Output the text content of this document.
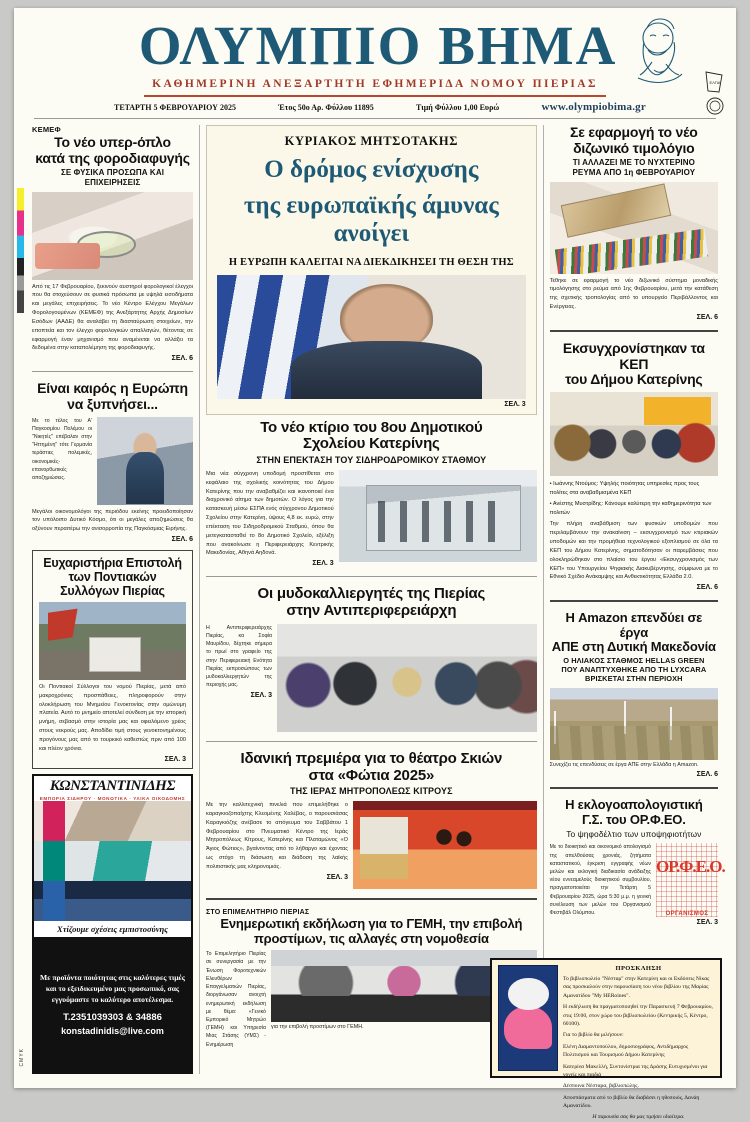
CMYK
ΕΛΠΑ
ΟΛΥΜΠΙΟ ΒΗΜΑ
ΚΑΘΗΜΕΡΙΝΗ ΑΝΕΞΑΡΤΗΤΗ ΕΦΗΜΕΡΙΔΑ ΝΟΜΟΥ ΠΙΕΡΙΑΣ
ΤΕΤΑΡΤΗ 5 ΦΕΒΡΟΥΑΡΙΟΥ 2025	Έτος 50ο Αρ. Φύλλου 11895	Τιμή Φύλλου 1,00 Ευρώ	www.olympiobima.gr
ΚΕΜΕΦ
Το νέο υπερ-όπλο
κατά της φοροδιαφυγής
ΣΕ ΦΥΣΙΚΑ ΠΡΟΣΩΠΑ ΚΑΙ ΕΠΙΧΕΙΡΗΣΕΙΣ
Από τις 17 Φεβρουαρίου, ξεκινούν αυστηροί φορολογικοί έλεγχοι που θα στοχεύσουν σε φυσικά πρόσωπα με υψηλά εισοδήματα και μεγάλες επιχειρήσεις. Το νέο Κέντρο Ελέγχου Μεγάλων Φορολογουμένων (ΚΕΜΕΦ) της Ανεξάρτητης Αρχής Δημοσίων Εσόδων (ΑΑΔΕ) θα αναλάβει τη διασταύρωση στοιχείων, την εποπτεία και τον έλεγχο φορολογικών απαλλαγών, θέτοντας σε εφαρμογή έναν μηχανισμό που αναμένεται να αλλάξει τα δεδομένα στην καταπολέμηση της φοροδιαφυγής.
ΣΕΛ. 6
Είναι καιρός η Ευρώπη
να ξυπνήσει...
Με το τέλος του Α' Παγκοσμίου Πολέμου οι "Νικητές" επέβαλαν στην "Ηττημένη" τότε Γερμανία τεράστιες πολεμικές, οικονομικές-επανορθωτικές αποζημιώσεις.
Μεγάλοι οικονομολόγοι της περιόδου εκείνης προειδοποίησαν τον υπόλοιπο Δυτικό Κόσμο, ότι οι μεγάλες αποζημιώσεις θα οξύνουν περαιτέρω την ανισορροπία της Παγκόσμιας Ειρήνης.
ΣΕΛ. 6
Ευχαριστήρια Επιστολή
των Ποντιακών
Συλλόγων Πιερίας
Οι Ποντιακοί Σύλλογοι του νομού Πιερίας, μετά από μακροχρόνιες προσπάθειες, πληροφορούν στην ολοκλήρωση του Μνημείου Γενοκτονίας στην ομώνυμη πλατεία. Αυτό το μνημείο αποτελεί σύνδεση με την ιστορική μνήμη, σεβασμό στην ιστορία μας και οφειλόμενο χρέος στους νεκρούς μας. Αποδίδει τιμή στους γενοκτονημένους προγόνους μας από το τουρκικό καθεστώς πριν από 100 και πλέον χρόνια.
ΣΕΛ. 3
ΚΩΝΣΤΑΝΤΙΝΙΔΗΣ
ΕΜΠΟΡΙΑ ΣΙΔΗΡΟΥ · ΜΟΝΩΤΙΚΑ · ΥΛΙΚΑ ΟΙΚΟΔΟΜΗΣ
Χτίζουμε σχέσεις εμπιστοσύνης
Με προϊόντα ποιότητας στις καλύτερες τιμές και το εξειδικευμένο μας προσωπικό, σας εγγυόμαστε το καλύτερο αποτέλεσμα.
Τ.2351039303 & 34886
konstadinidis@live.com
ΚΥΡΙΑΚΟΣ ΜΗΤΣΟΤΑΚΗΣ
Ο δρόμος ενίσχυσης
της ευρωπαϊκής άμυνας ανοίγει
Η ΕΥΡΩΠΗ ΚΑΛΕΙΤΑΙ ΝΑ ΔΙΕΚΔΙΚΗΣΕΙ ΤΗ ΘΕΣΗ ΤΗΣ
ΣΕΛ. 3
Το νέο κτίριο του 8ου Δημοτικού
Σχολείου Κατερίνης
ΣΤΗΝ ΕΠΕΚΤΑΣΗ ΤΟΥ ΣΙΔΗΡΟΔΡΟΜΙΚΟΥ ΣΤΑΘΜΟΥ
Μια νέα σύγχρονη υποδομή προστίθεται στο κεφάλαιο της σχολικής κοινότητας του Δήμου Κατερίνης που την αναβαθμίζει και ικανοποιεί ένα διαχρονικό αίτημα των δημοτών. Ο λόγος για την κατασκευή μέσω ΕΣΠΑ ενός σύγχρονου Δημοτικού Σχολείου στην Κατερίνη, ύψους 4,8 εκ. ευρώ, στην επέκταση του Σιδηροδρομικού Σταθμού, όπου θα μετεγκατασταθεί το 8ο Δημοτικό Σχολείο, εξέλιξη που ανακοίνωσε η Περιφερειάρχης Κεντρικής Μακεδονίας, Αθηνά Αηδονά.
ΣΕΛ. 3
Οι μυδοκαλλιεργητές της Πιερίας
στην Αντιπεριφερειάρχη
Η Αντιπεριφερειάρχης Πιερίας, κα Σοφία Μαυρίδου, δέχτηκε σήμερα το πρωί στο γραφείο της στην Περιφερειακή Ενότητα Πιερίας εκπροσώπους των μυδοκαλλιεργητών της περιοχής μας.
ΣΕΛ. 3
Ιδανική πρεμιέρα για το θέατρο Σκιών
στα «Φώτια 2025»
ΤΗΣ ΙΕΡΑΣ ΜΗΤΡΟΠΟΛΕΩΣ ΚΙΤΡΟΥΣ
Με την καλλιτεχνική πινελιά που επιμελήθηκε ο καραγκιοζοπαίχτης Κλεομένης Χαλέβας, ο παρουσιάσας Καραγκιόζης ανέβασε το απόγευμα του Σαββάτου 1 Φεβρουαρίου στο Πνευματικό Κέντρο της Ιεράς Μητροπόλεως Κίτρους, Κατερίνης και Πλαταμώνος «Ο Άγιος Φώτιος», βγαίνοντας από το λήθαργο και έχοντας ως στόχο τη διάσωση και διάδοση της λαϊκής πολιτιστικής μας κληρονομιάς.
ΣΕΛ. 3
ΣΤΟ ΕΠΙΜΕΛΗΤΗΡΙΟ ΠΙΕΡΙΑΣ
Ενημερωτική εκδήλωση για το ΓΕΜΗ, την επιβολή
προστίμων, τις αλλαγές στη νομοθεσία
Το Επιμελητήριο Πιερίας σε συνεργασία με την Ένωση Φοροτεχνικών Ελευθέρων Επαγγελματιών Πιερίας, διοργάνωσαν ανοιχτή ενημερωτική εκδήλωση με θέμα: «Γενικό Εμπορικό Μητρώο (ΓΕΜΗ) και Υπηρεσία Μιας Στάσης (ΥΜΣ) - Ενημέρωση
για την επιβολή προστίμων στο ΓΕΜΗ.
Σε εφαρμογή το νέο
διζωνικό τιμολόγιο
ΤΙ ΑΛΛΑΖΕΙ ΜΕ ΤΟ ΝΥΧΤΕΡΙΝΟ
ΡΕΥΜΑ ΑΠΟ 1η ΦΕΒΡΟΥΑΡΙΟΥ
Τέθηκε σε εφαρμογή το νέο διζωνικό σύστημα μοναδικής τιμολόγησης στο ρεύμα από 1ης Φεβρουαρίου, μετά την κατάθεση της σχετικής τροπολογίας από το υπουργείο Περιβάλλοντος και Ενέργειας.
ΣΕΛ. 6
Εκσυγχρονίστηκαν τα ΚΕΠ
του Δήμου Κατερίνης
• Ιωάννης Ντούμος: Υψηλής ποιότητας υπηρεσίες προς τους πολίτες στα αναβαθμισμένα ΚΕΠ
• Ανέστης Μυστρίδης: Κάνουμε καλύτερη την καθημερινότητα των πολιτών
Την πλήρη αναβάθμιση των φυσικών υποδομών που περιλαμβάνουν την ανακαίνιση – εκσυγχρονισμό των κτιριακών υποδομών και την προμήθεια τεχνολογικού εξοπλισμού σε όλα τα ΚΕΠ του Δήμου Κατερίνης, σηματοδότησαν οι παρεμβάσεις που ολοκληρώθηκαν στο πλαίσιο του έργου «Εκσυγχρονισμός των ΚΕΠ» του Υπουργείου Ψηφιακής Διακυβέρνησης, σύμφωνα με το Εθνικό Σχέδιο Ανάκαμψης και Ανθεκτικότητας Ελλάδα 2.0.
ΣΕΛ. 6
Η Amazon επενδύει σε έργα
ΑΠΕ στη Δυτική Μακεδονία
Ο ΗΛΙΑΚΟΣ ΣΤΑΘΜΟΣ HELLAS GREEN
ΠΟΥ ΑΝΑΠΤΥΧΘΗΚΕ ΑΠΟ ΤΗ LYXCARA
ΒΡΙΣΚΕΤΑΙ ΣΤΗΝ ΠΕΡΙΟΧΗ
Συνεχίζει τις επενδύσεις σε έργα ΑΠΕ στην Ελλάδα η Amazon.
ΣΕΛ. 6
Η εκλογοαπολογιστική
Γ.Σ. του ΟΡ.Φ.ΕΟ.
Το ψηφοδέλτιο των υποψηφιοτήτων
Με το διοικητικό και οικονομικό απολογισμό της απελθούσας χρονιάς, ζητήματα καταστατικού, έγκριση εγγραφής νέων μελών και εκλογική διαδικασία ανάδειξης νέου εννεαμελούς διοικητικού συμβουλίου, πραγματοποιείται την Τετάρτη 5 Φεβρουαρίου 2025, ώρα 5:30 μ.μ. η γενική συνέλευση των μελών του Οργανισμού Φεστιβάλ Ολύμπου.
ΟΡ.Φ.Ε.Ο.
ΟΡΓΑΝΙΣΜΟΣ
ΣΕΛ. 3
ΠΡΟΣΚΛΗΣΗ
Το βιβλιοπωλείο "Νέσταρ" στην Κατερίνη και οι Εκδόσεις Νίκας σας προσκαλούν στην παρουσίαση του νέου βιβλίου της Μαρίας Αμανατίδου "My HERoines".
Η εκδήλωση θα πραγματοποιηθεί την Παρασκευή 7 Φεβρουαρίου, στις 19:00, στον χώρο του βιβλιοπωλείου (Κεντρικής 5, Κέντρο, 60100).
Για το βιβλίο θα μιλήσουν:
Ελένη Διαμαντοπούλου, δημοσιογράφος, Αντιδήμαρχος Πολιτισμού και Τουρισμού Δήμου Κατερίνης
Κατερίνα Μακελλή, Συντονίστρια της Δράσης Ευτυχισμένοι για γονείς και παιδιά
Δέσποινα Νέσταρα, βιβλιοπώλης.
Αποσπάσματα από το βιβλίο θα διαβάσει η ηθοποιός, Δανάη Αμανατίδου.
Η παρουσία σας θα μας τιμήσει ιδιαίτερα.
